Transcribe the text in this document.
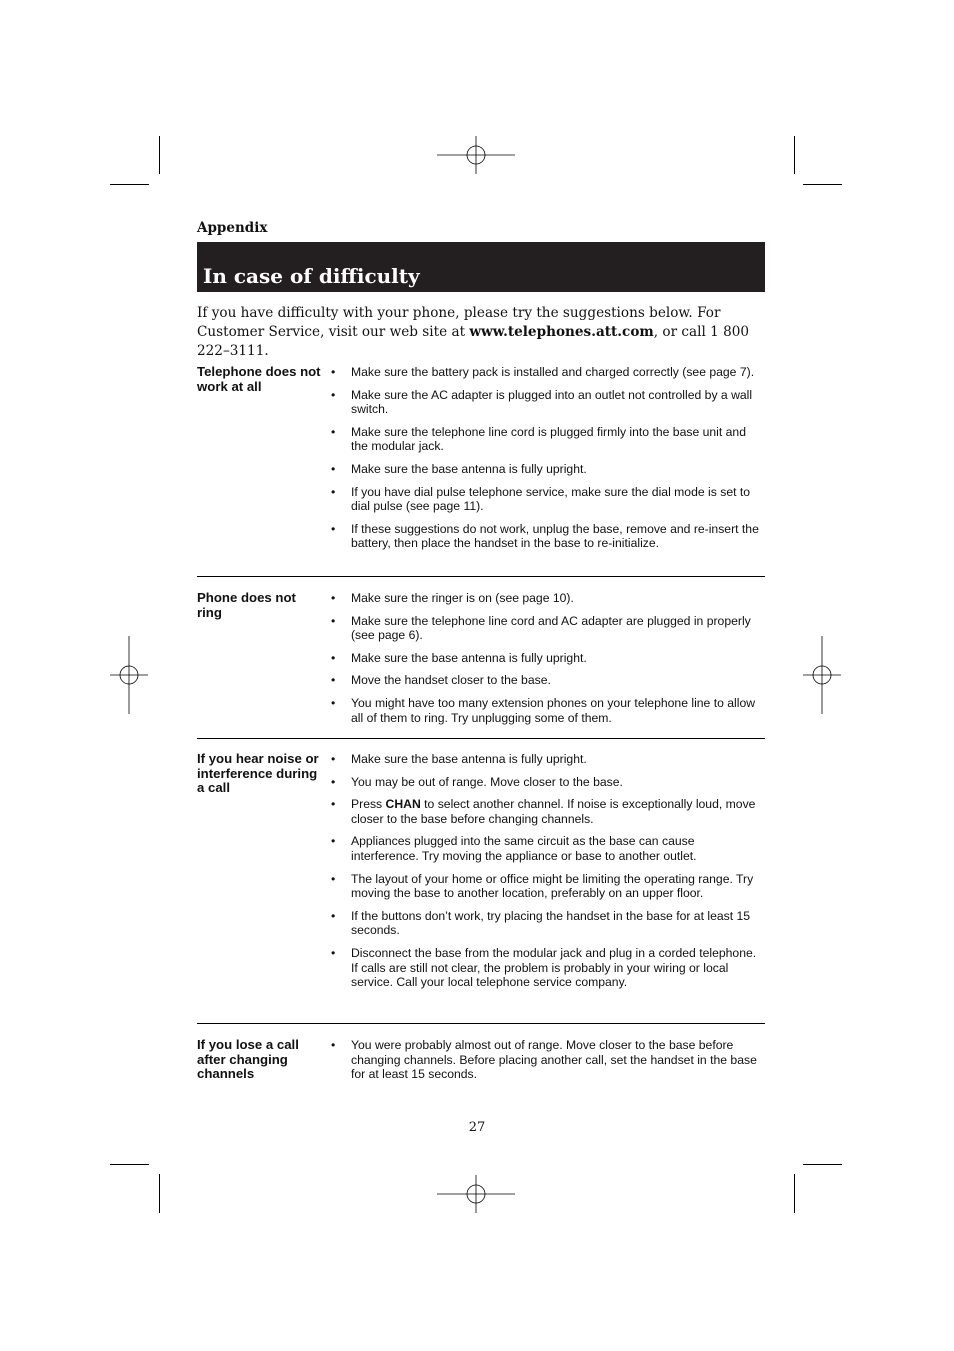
Appendix
In case of difficulty

If you have difficulty with your phone, please try the suggestions below. For Customer Service, visit our web site at www.telephones.att.com, or call 1 800 222–3111.

Telephone does not work at all
• Make sure the battery pack is installed and charged correctly (see page 7).
• Make sure the AC adapter is plugged into an outlet not controlled by a wall switch.
• Make sure the telephone line cord is plugged firmly into the base unit and the modular jack.
• Make sure the base antenna is fully upright.
• If you have dial pulse telephone service, make sure the dial mode is set to dial pulse (see page 11).
• If these suggestions do not work, unplug the base, remove and re-insert the battery, then place the handset in the base to re-initialize.
Phone does not ring
• Make sure the ringer is on (see page 10).
• Make sure the telephone line cord and AC adapter are plugged in properly (see page 6).
• Make sure the base antenna is fully upright.
• Move the handset closer to the base.
• You might have too many extension phones on your telephone line to allow all of them to ring. Try unplugging some of them.
If you hear noise or interference during a call
• Make sure the base antenna is fully upright.
• You may be out of range. Move closer to the base.
• Press CHAN to select another channel. If noise is exceptionally loud, move closer to the base before changing channels.
• Appliances plugged into the same circuit as the base can cause interference. Try moving the appliance or base to another outlet.
• The layout of your home or office might be limiting the operating range. Try moving the base to another location, preferably on an upper floor.
• If the buttons don’t work, try placing the handset in the base for at least 15 seconds.
• Disconnect the base from the modular jack and plug in a corded telephone. If calls are still not clear, the problem is probably in your wiring or local service. Call your local telephone service company.
If you lose a call after changing channels
• You were probably almost out of range. Move closer to the base before changing channels. Before placing another call, set the handset in the base for at least 15 seconds.
27
